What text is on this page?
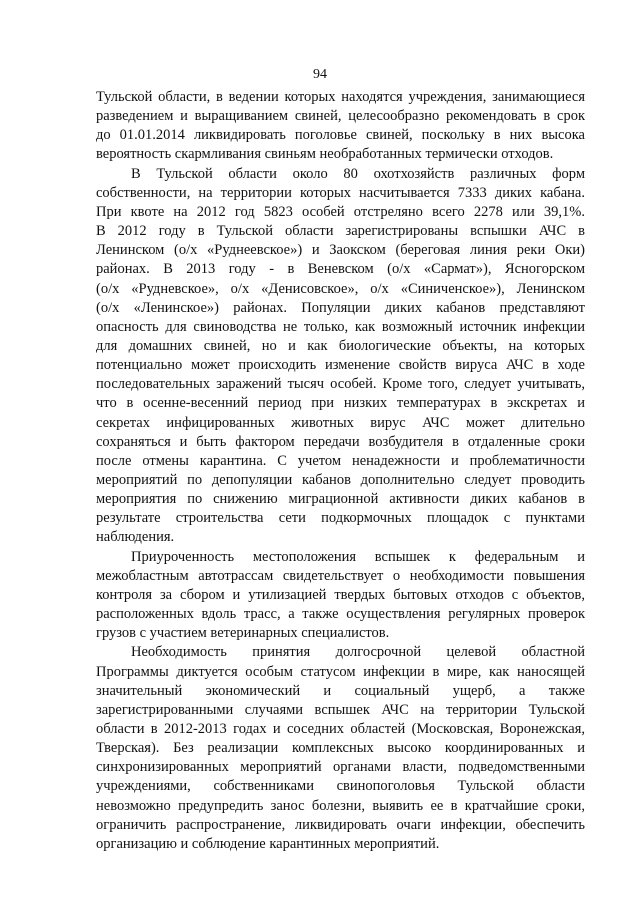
94
Тульской области, в ведении которых находятся учреждения, занимающиеся
разведением и выращиванием свиней, целесообразно рекомендовать в срок
до 01.01.2014 ликвидировать поголовье свиней, поскольку в них высока
вероятность скармливания свиньям необработанных термически отходов.
В Тульской области около 80 охотхозяйств различных форм
собственности, на территории которых насчитывается 7333 диких кабана.
При квоте на 2012 год 5823 особей отстреляно всего 2278 или 39,1%.
В 2012 году в Тульской области зарегистрированы вспышки АЧС в
Ленинском (о/х «Руднеевское») и Заокском (береговая линия реки Оки)
районах. В 2013 году - в Веневском (о/х «Сармат»), Ясногорском
(о/х «Рудневское», о/х «Денисовское», о/х «Синиченское»), Ленинском
(о/х «Ленинское») районах. Популяции диких кабанов представляют
опасность для свиноводства не только, как возможный источник инфекции
для домашних свиней, но и как биологические объекты, на которых
потенциально может происходить изменение свойств вируса АЧС в ходе
последовательных заражений тысяч особей. Кроме того, следует учитывать,
что в осенне-весенний период при низких температурах в экскретах и
секретах инфицированных животных вирус АЧС может длительно
сохраняться и быть фактором передачи возбудителя в отдаленные сроки
после отмены карантина. С учетом ненадежности и проблематичности
мероприятий по депопуляции кабанов дополнительно следует проводить
мероприятия по снижению миграционной активности диких кабанов в
результате строительства сети подкормочных площадок с пунктами
наблюдения.
Приуроченность местоположения вспышек к федеральным и
межобластным автотрассам свидетельствует о необходимости повышения
контроля за сбором и утилизацией твердых бытовых отходов с объектов,
расположенных вдоль трасс, а также осуществления регулярных проверок
грузов с участием ветеринарных специалистов.
Необходимость принятия долгосрочной целевой областной
Программы диктуется особым статусом инфекции в мире, как наносящей
значительный экономический и социальный ущерб, а также
зарегистрированными случаями вспышек АЧС на территории Тульской
области в 2012-2013 годах и соседних областей (Московская, Воронежская,
Тверская). Без реализации комплексных высоко координированных и
синхронизированных мероприятий органами власти, подведомственными
учреждениями, собственниками свинопоголовья Тульской области
невозможно предупредить занос болезни, выявить ее в кратчайшие сроки,
ограничить распространение, ликвидировать очаги инфекции, обеспечить
организацию и соблюдение карантинных мероприятий.
